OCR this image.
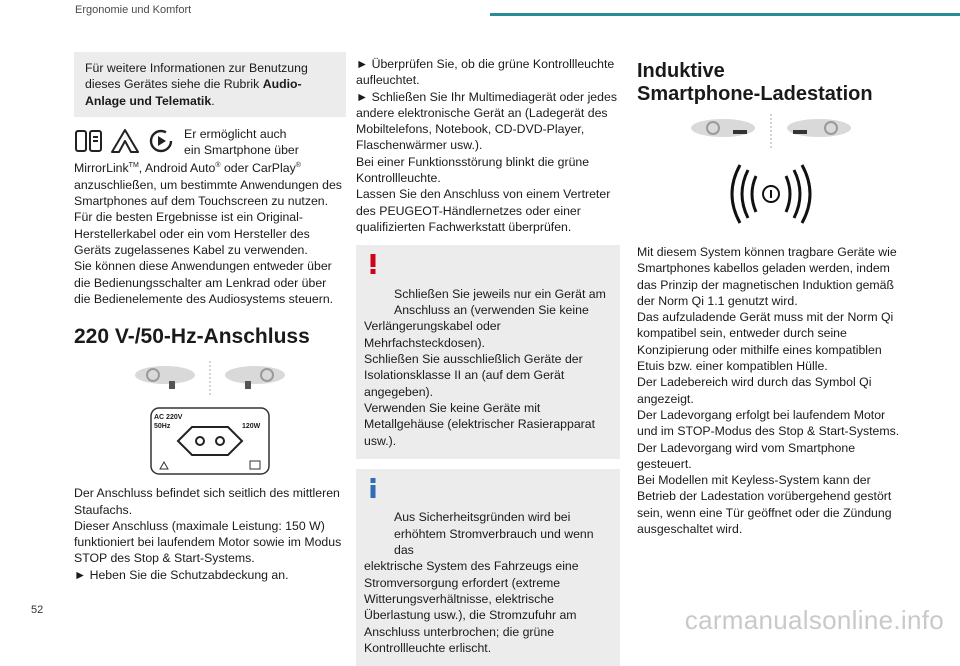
Ergonomie und Komfort
Für weitere Informationen zur Benutzung dieses Gerätes siehe die Rubrik Audio-Anlage und Telematik.
Er ermöglicht auch ein Smartphone über
MirrorLink™, Android Auto® oder CarPlay® anzuschließen, um bestimmte Anwendungen des Smartphones auf dem Touchscreen zu nutzen.
Für die besten Ergebnisse ist ein Original-Herstellerkabel oder ein vom Hersteller des Geräts zugelassenes Kabel zu verwenden.
Sie können diese Anwendungen entweder über die Bedienungsschalter am Lenkrad oder über die Bedienelemente des Audiosystems steuern.
220 V-/50-Hz-Anschluss
AC 220V
50Hz	120W
Der Anschluss befindet sich seitlich des mittleren Staufachs.
Dieser Anschluss (maximale Leistung: 150 W) funktioniert bei laufendem Motor sowie im Modus STOP des Stop & Start-Systems.
► Heben Sie die Schutzabdeckung an.
► Überprüfen Sie, ob die grüne Kontrollleuchte aufleuchtet.
► Schließen Sie Ihr Multimediagerät oder jedes andere elektronische Gerät an (Ladegerät des Mobiltelefons, Notebook, CD-DVD-Player, Flaschenwärmer usw.).
Bei einer Funktionsstörung blinkt die grüne Kontrollleuchte.
Lassen Sie den Anschluss von einem Vertreter des PEUGEOT-Händlernetzes oder einer qualifizierten Fachwerkstatt überprüfen.

Schließen Sie jeweils nur ein Gerät am Anschluss an (verwenden Sie keine
Verlängerungskabel oder Mehrfachsteckdosen).
Schließen Sie ausschließlich Geräte der Isolationsklasse II an (auf dem Gerät angegeben).
Verwenden Sie keine Geräte mit Metallgehäuse (elektrischer Rasierapparat usw.).

Aus Sicherheitsgründen wird bei erhöhtem Stromverbrauch und wenn das
elektrische System des Fahrzeugs eine Stromversorgung erfordert (extreme Witterungsverhältnisse, elektrische Überlastung usw.), die Stromzufuhr am Anschluss unterbrochen; die grüne Kontrollleuchte erlischt.

Induktive
Smartphone-Ladestation
Mit diesem System können tragbare Geräte wie Smartphones kabellos geladen werden, indem das Prinzip der magnetischen Induktion gemäß der Norm Qi 1.1 genutzt wird.
Das aufzuladende Gerät muss mit der Norm Qi kompatibel sein, entweder durch seine Konzipierung oder mithilfe eines kompatiblen Etuis bzw. einer kompatiblen Hülle.
Der Ladebereich wird durch das Symbol Qi angezeigt.
Der Ladevorgang erfolgt bei laufendem Motor und im STOP-Modus des Stop & Start-Systems.
Der Ladevorgang wird vom Smartphone gesteuert.
Bei Modellen mit Keyless-System kann der Betrieb der Ladestation vorübergehend gestört sein, wenn eine Tür geöffnet oder die Zündung ausgeschaltet wird.
52	carmanualsonline.info
